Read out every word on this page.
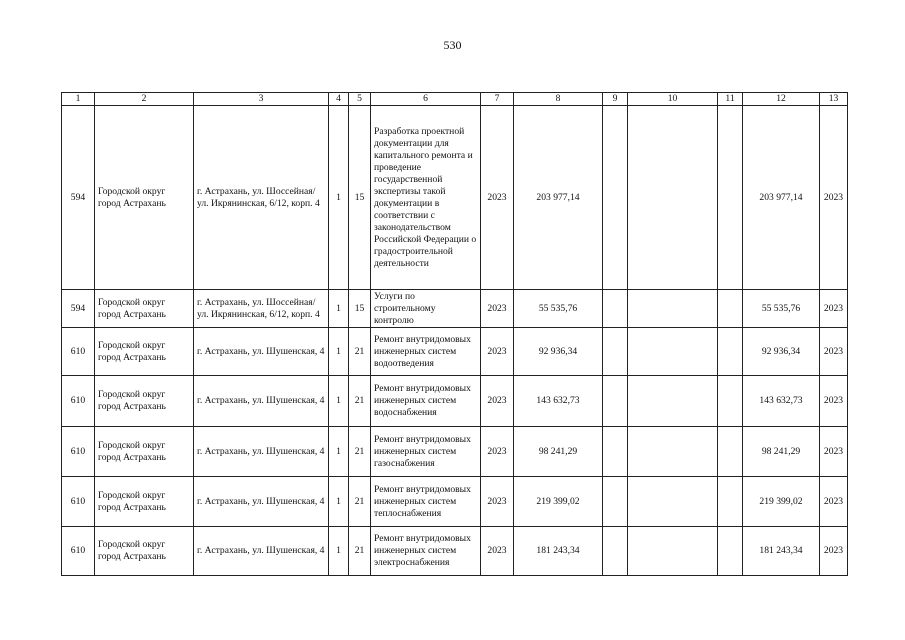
530
1	2	3	4	5	6	7	8	9	10	11	12	13
594	Городской округ город Астрахань	г. Астрахань, ул. Шоссейная/ ул. Икрянинская, 6/12, корп. 4	1	15	Разработка проектной документации для капитального ремонта и проведение государственной экспертизы такой документации в соответствии с законодательством Российской Федерации о градостроительной деятельности	2023	203 977,14				203 977,14	2023
594	Городской округ город Астрахань	г. Астрахань, ул. Шоссейная/ ул. Икрянинская, 6/12, корп. 4	1	15	Услуги по строительному контролю	2023	55 535,76				55 535,76	2023
610	Городской округ город Астрахань	г. Астрахань, ул. Шушенская, 4	1	21	Ремонт внутридомовых инженерных систем водоотведения	2023	92 936,34				92 936,34	2023
610	Городской округ город Астрахань	г. Астрахань, ул. Шушенская, 4	1	21	Ремонт внутридомовых инженерных систем водоснабжения	2023	143 632,73				143 632,73	2023
610	Городской округ город Астрахань	г. Астрахань, ул. Шушенская, 4	1	21	Ремонт внутридомовых инженерных систем газоснабжения	2023	98 241,29				98 241,29	2023
610	Городской округ город Астрахань	г. Астрахань, ул. Шушенская, 4	1	21	Ремонт внутридомовых инженерных систем теплоснабжения	2023	219 399,02				219 399,02	2023
610	Городской округ город Астрахань	г. Астрахань, ул. Шушенская, 4	1	21	Ремонт внутридомовых инженерных систем электроснабжения	2023	181 243,34				181 243,34	2023
